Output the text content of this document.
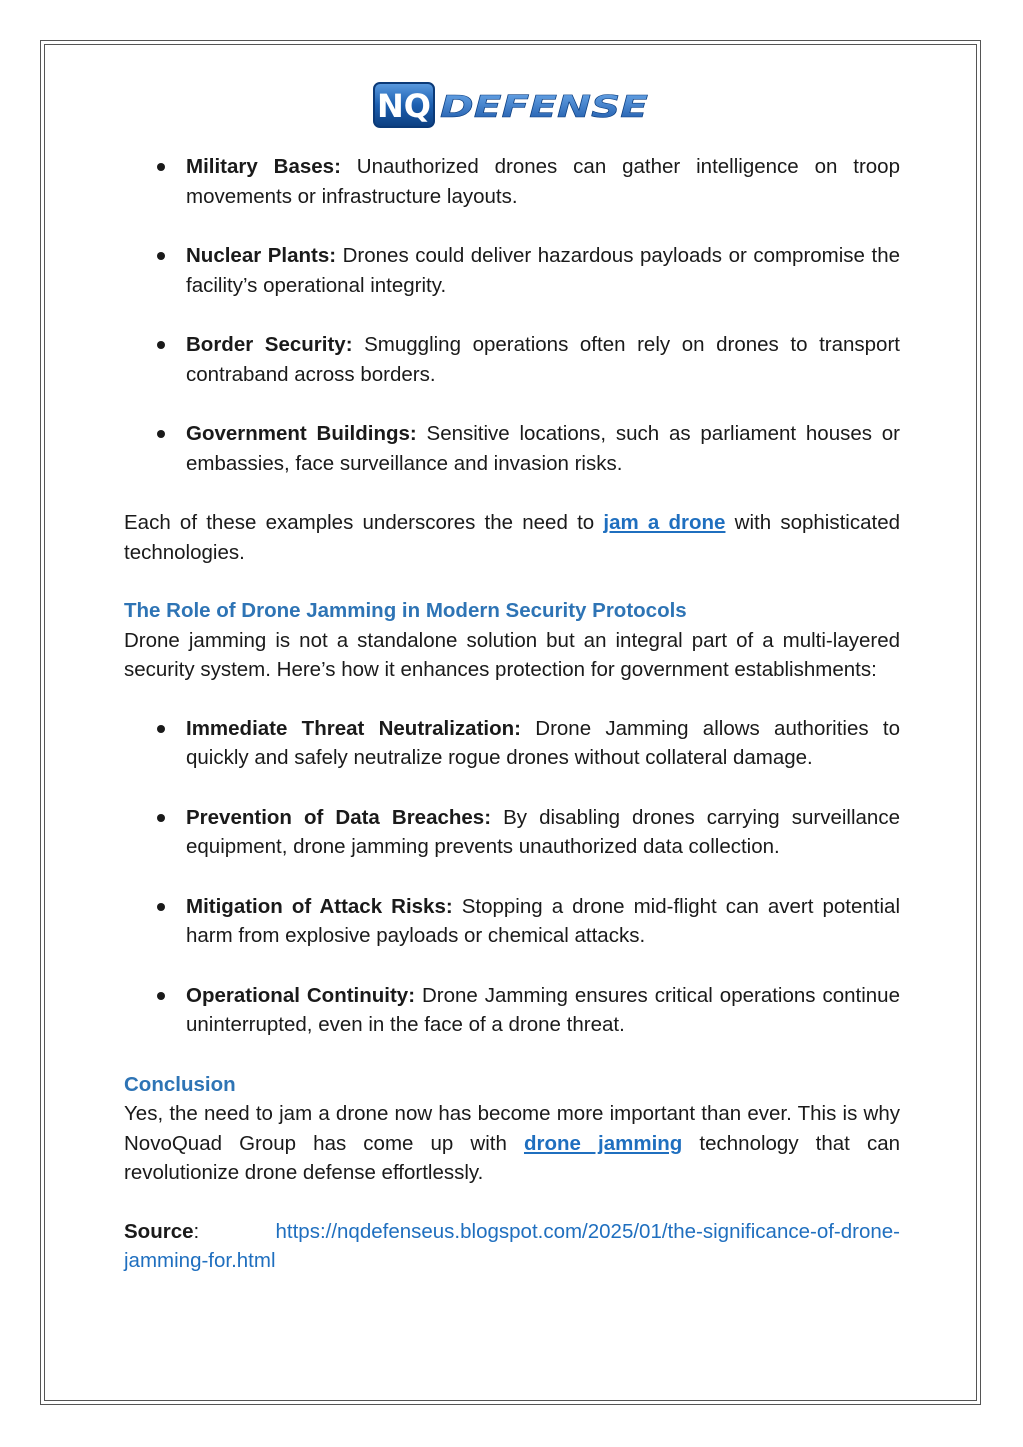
NQ DEFENSE
Military Bases: Unauthorized drones can gather intelligence on troop movements or infrastructure layouts.
Nuclear Plants: Drones could deliver hazardous payloads or compromise the facility’s operational integrity.
Border Security: Smuggling operations often rely on drones to transport contraband across borders.
Government Buildings: Sensitive locations, such as parliament houses or embassies, face surveillance and invasion risks.

Each of these examples underscores the need to jam a drone with sophisticated technologies.

The Role of Drone Jamming in Modern Security Protocols

Drone jamming is not a standalone solution but an integral part of a multi-layered security system. Here’s how it enhances protection for government establishments:

Immediate Threat Neutralization: Drone Jamming allows authorities to quickly and safely neutralize rogue drones without collateral damage.
Prevention of Data Breaches: By disabling drones carrying surveillance equipment, drone jamming prevents unauthorized data collection.
Mitigation of Attack Risks: Stopping a drone mid-flight can avert potential harm from explosive payloads or chemical attacks.
Operational Continuity: Drone Jamming ensures critical operations continue uninterrupted, even in the face of a drone threat.

Conclusion

Yes, the need to jam a drone now has become more important than ever. This is why NovoQuad Group has come up with drone jamming technology that can revolutionize drone defense effortlessly.

Source: https://nqdefenseus.blogspot.com/2025/01/the-significance-of-drone-jamming-for.html
